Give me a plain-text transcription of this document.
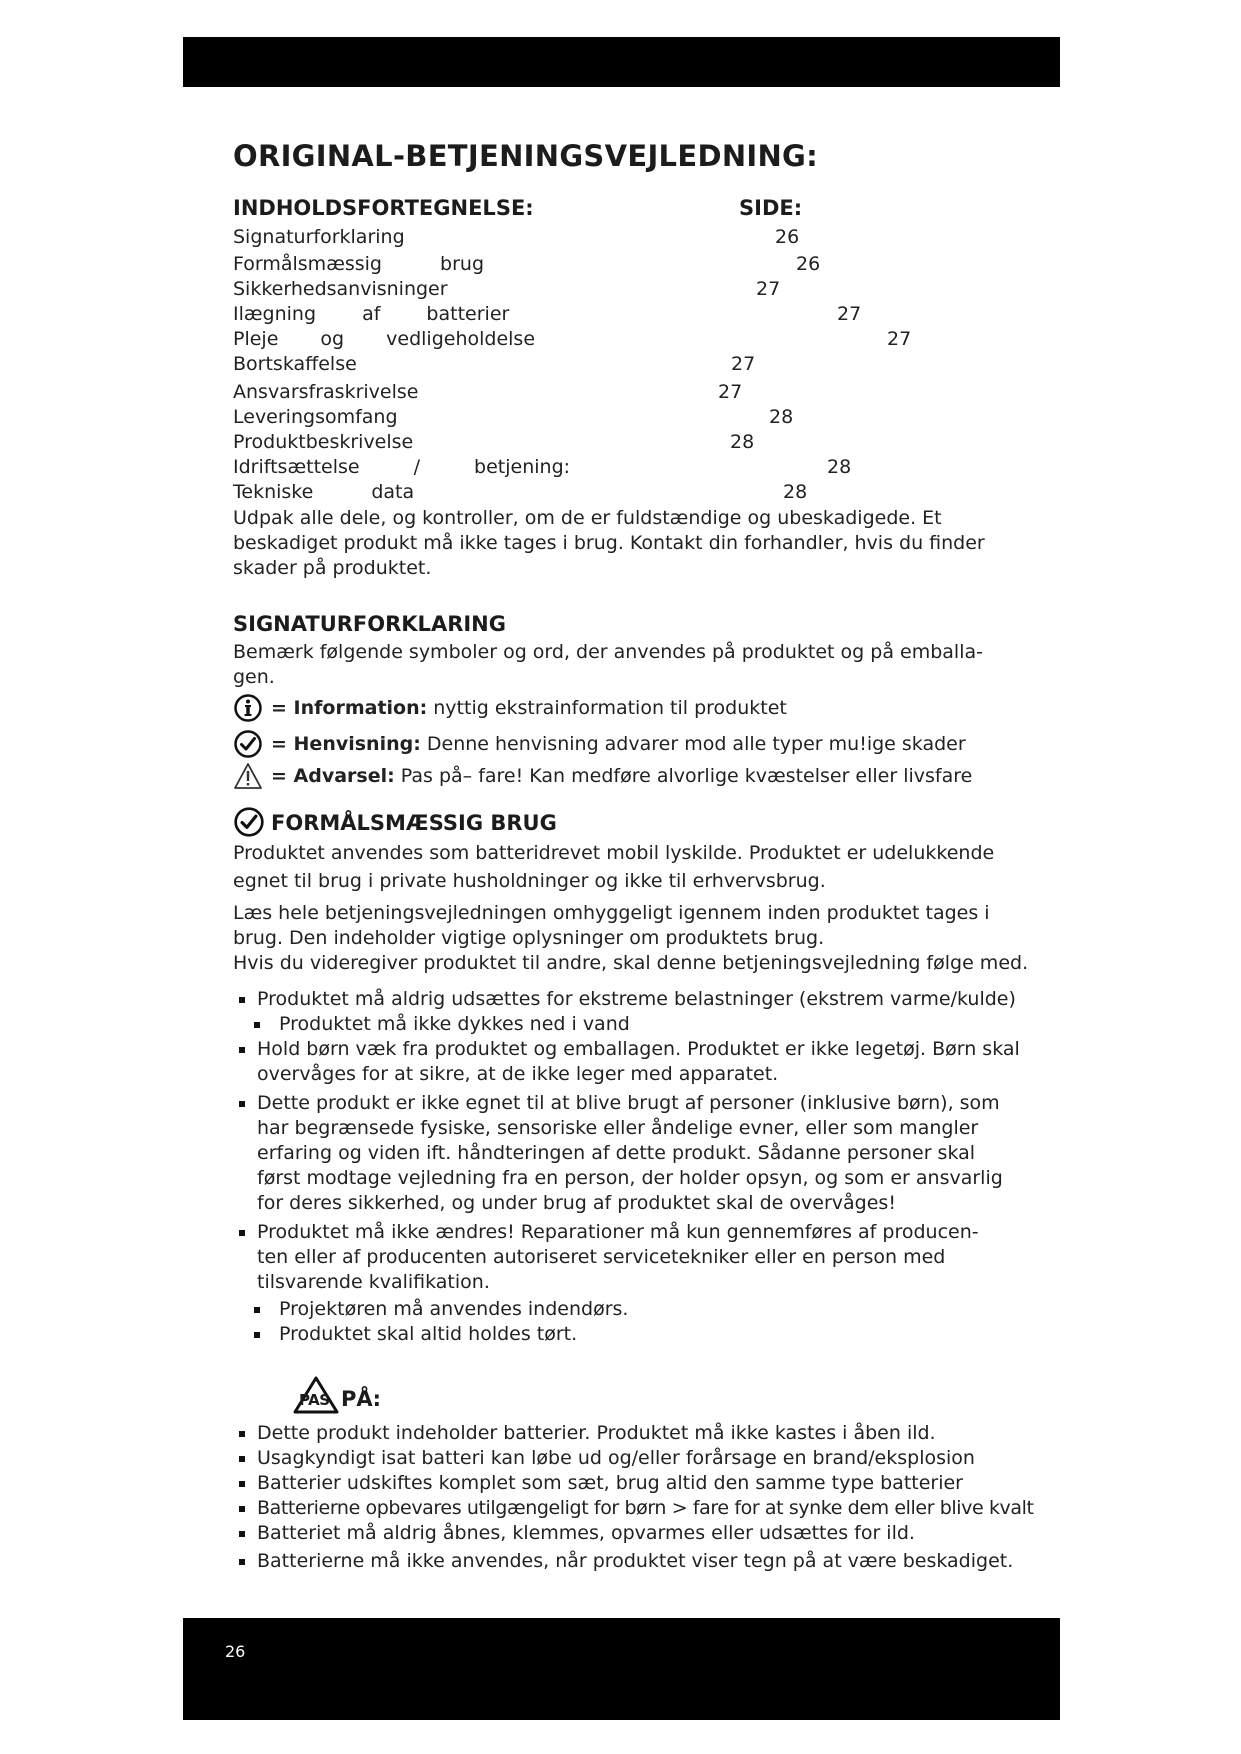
ORIGINAL-BETJENINGSVEJLEDNING:
INDHOLDSFORTEGNELSE:	SIDE:
Signaturforklaring	26
Formålsmæssig brug	26
Sikkerhedsanvisninger	27
Ilægning af batterier	27
Pleje og vedligeholdelse	27
Bortskaffelse	27
Ansvarsfraskrivelse	27
Leveringsomfang	28
Produktbeskrivelse	28
Idriftsættelse / betjening:	28
Tekniske data	28
Udpak alle dele, og kontroller, om de er fuldstændige og ubeskadigede. Et
beskadiget produkt må ikke tages i brug. Kontakt din forhandler, hvis du finder
skader på produktet.
SIGNATURFORKLARING
Bemærk følgende symboler og ord, der anvendes på produktet og på emballa-
gen.
= Information: nyttig ekstrainformation til produktet
= Henvisning: Denne henvisning advarer mod alle typer mu!ige skader
= Advarsel: Pas på– fare! Kan medføre alvorlige kvæstelser eller livsfare
FORMÅLSMÆSSIG BRUG
Produktet anvendes som batteridrevet mobil lyskilde. Produktet er udelukkende
egnet til brug i private husholdninger og ikke til erhvervsbrug.
Læs hele betjeningsvejledningen omhyggeligt igennem inden produktet tages i
brug. Den indeholder vigtige oplysninger om produktets brug.
Hvis du videregiver produktet til andre, skal denne betjeningsvejledning følge med.
Produktet må aldrig udsættes for ekstreme belastninger (ekstrem varme/kulde)
Produktet må ikke dykkes ned i vand
Hold børn væk fra produktet og emballagen. Produktet er ikke legetøj. Børn skal
overvåges for at sikre, at de ikke leger med apparatet.
Dette produkt er ikke egnet til at blive brugt af personer (inklusive børn), som
har begrænsede fysiske, sensoriske eller åndelige evner, eller som mangler
erfaring og viden ift. håndteringen af dette produkt. Sådanne personer skal
først modtage vejledning fra en person, der holder opsyn, og som er ansvarlig
for deres sikkerhed, og under brug af produktet skal de overvåges!
Produktet må ikke ændres! Reparationer må kun gennemføres af producen-
ten eller af producenten autoriseret servicetekniker eller en person med
tilsvarende kvalifikation.
Projektøren må anvendes indendørs.
Produktet skal altid holdes tørt.
PAS PÅ:
Dette produkt indeholder batterier. Produktet må ikke kastes i åben ild.
Usagkyndigt isat batteri kan løbe ud og/eller forårsage en brand/eksplosion
Batterier udskiftes komplet som sæt, brug altid den samme type batterier
Batterierne opbevares utilgængeligt for børn > fare for at synke dem eller blive kvalt
Batteriet må aldrig åbnes, klemmes, opvarmes eller udsættes for ild.
Batterierne må ikke anvendes, når produktet viser tegn på at være beskadiget.
26
